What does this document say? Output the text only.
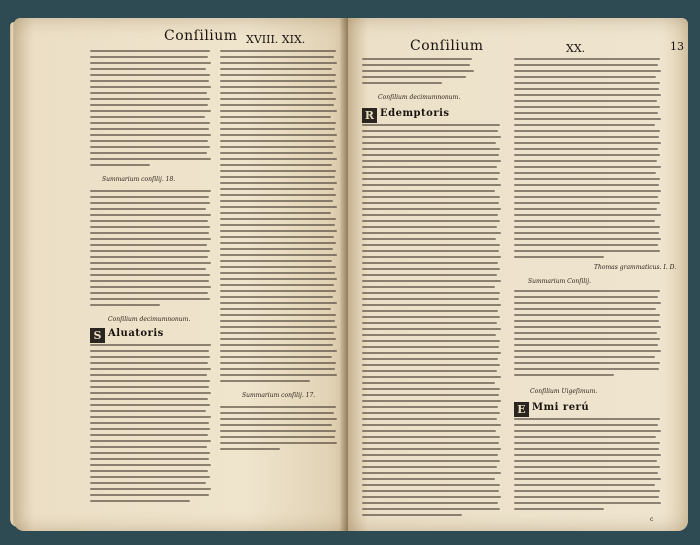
Conſilium XVIII. XIX.
Summarium conſilij. 18.
Conſilium decimumnonum.
S Aluatoris
Summarium conſilij. 17.
Conſilium	XX.	13
Conſilium decimumnonum.
R Edemptoris
Thomas grammaticus. I. D.
Summarium Conſilij.
Conſilium Uigeſimum.
E Mmi rerú
c
